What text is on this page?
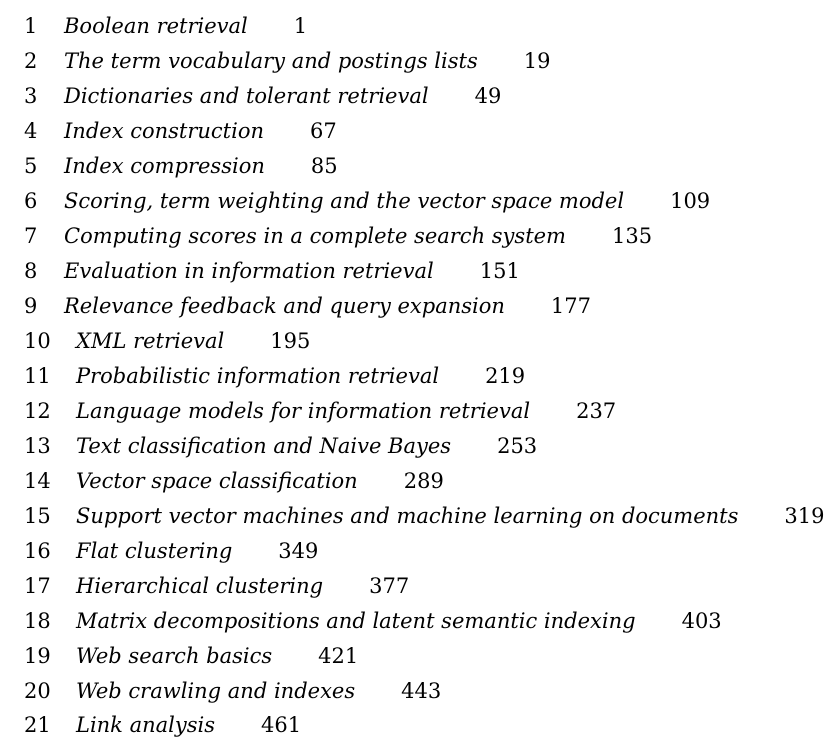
1	Boolean retrieval 1
2	The term vocabulary and postings lists 19
3	Dictionaries and tolerant retrieval 49
4	Index construction 67
5	Index compression 85
6	Scoring, term weighting and the vector space model 109
7	Computing scores in a complete search system 135
8	Evaluation in information retrieval 151
9	Relevance feedback and query expansion 177
10	XML retrieval 195
11	Probabilistic information retrieval 219
12	Language models for information retrieval 237
13	Text classification and Naive Bayes 253
14	Vector space classification 289
15	Support vector machines and machine learning on documents 319
16	Flat clustering 349
17	Hierarchical clustering 377
18	Matrix decompositions and latent semantic indexing 403
19	Web search basics 421
20	Web crawling and indexes 443
21	Link analysis 461
